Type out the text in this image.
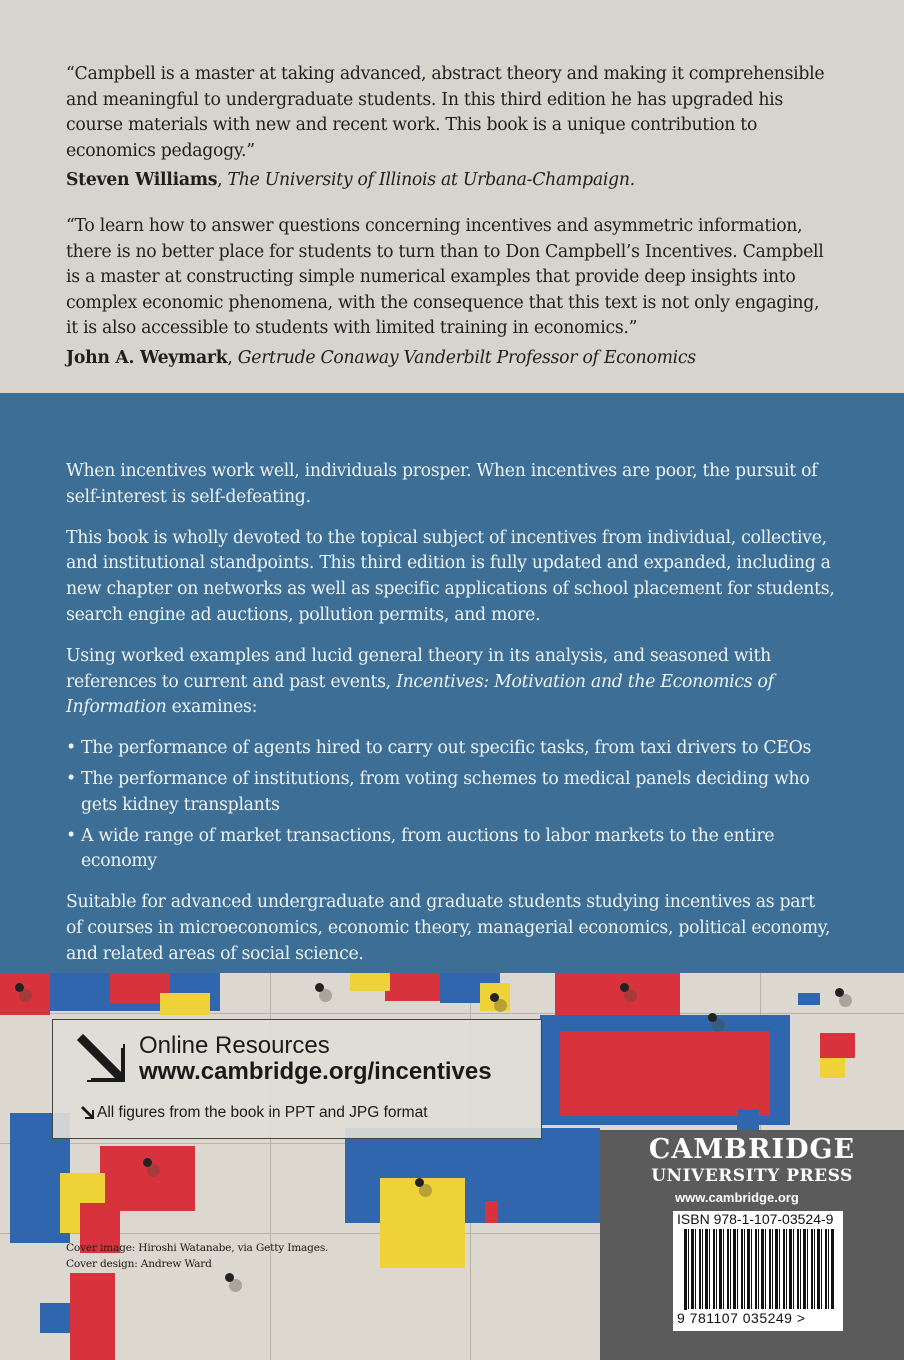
“Campbell is a master at taking advanced, abstract theory and making it comprehensible and meaningful to undergraduate students. In this third edition he has upgraded his course materials with new and recent work. This book is a unique contribution to economics pedagogy.”

Steven Williams, The University of Illinois at Urbana-Champaign.

“To learn how to answer questions concerning incentives and asymmetric information, there is no better place for students to turn than to Don Campbell’s Incentives. Campbell is a master at constructing simple numerical examples that provide deep insights into complex economic phenomena, with the consequence that this text is not only engaging, it is also accessible to students with limited training in economics.”

John A. Weymark, Gertrude Conaway Vanderbilt Professor of Economics

When incentives work well, individuals prosper. When incentives are poor, the pursuit of self-interest is self-defeating.

This book is wholly devoted to the topical subject of incentives from individual, collective, and institutional standpoints. This third edition is fully updated and expanded, including a new chapter on networks as well as specific applications of school placement for students, search engine ad auctions, pollution permits, and more.

Using worked examples and lucid general theory in its analysis, and seasoned with references to current and past events, Incentives: Motivation and the Economics of Information examines:

• The performance of agents hired to carry out specific tasks, from taxi drivers to CEOs

• The performance of institutions, from voting schemes to medical panels deciding who gets kidney transplants

• A wide range of market transactions, from auctions to labor markets to the entire economy

Suitable for advanced undergraduate and graduate students studying incentives as part of courses in microeconomics, economic theory, managerial economics, political economy, and related areas of social science.

Online Resources
www.cambridge.org/incentives
All figures from the book in PPT and JPG format

Cover image: Hiroshi Watanabe, via Getty Images.

Cover design: Andrew Ward

CAMBRIDGE
UNIVERSITY PRESS
www.cambridge.org
ISBN 978-1-107-03524-9
9 781107 035249 >
